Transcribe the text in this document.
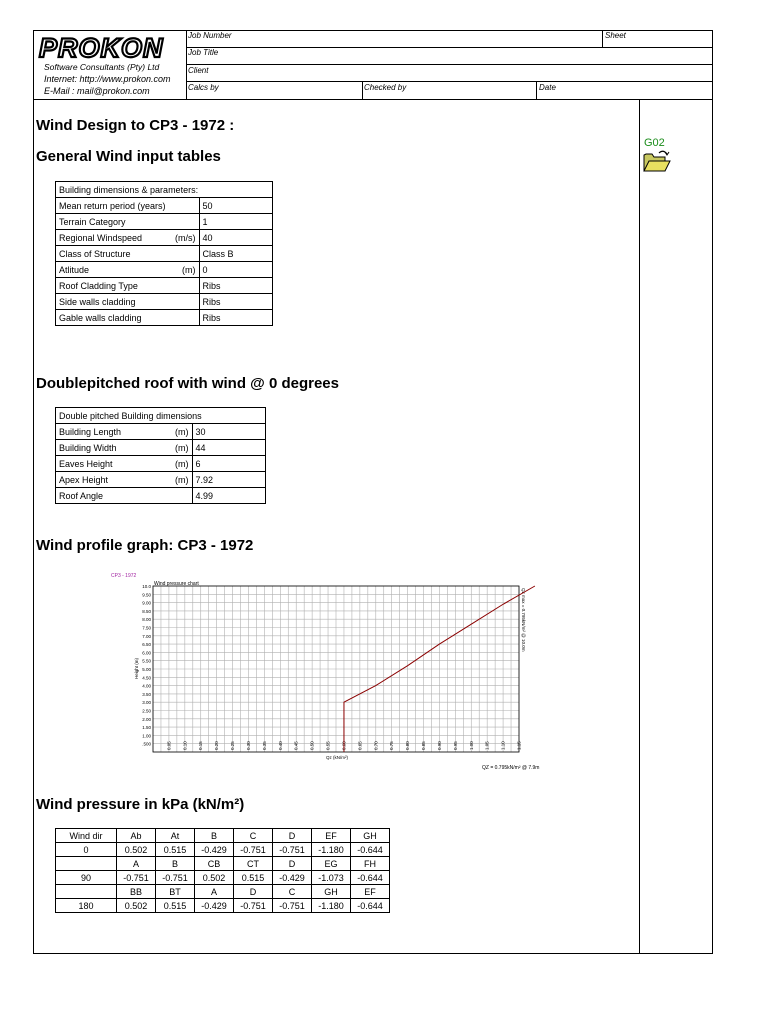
Job Number	Sheet
Job Title
Client
Calcs by	Checked by	Date
PROKON
Software Consultants (Pty) Ltd
Internet: http://www.prokon.com
E-Mail : mail@prokon.com
G02
Wind Design to CP3 - 1972 :
General Wind input tables
Doublepitched roof with wind @ 0 degrees
Wind profile graph: CP3 - 1972
Wind pressure in kPa (kN/m²)
Building dimensions & parameters:		
Mean return period (years)		50
Terrain Category		1
Regional Windspeed	(m/s)	40
Class of Structure		Class B
Atlitude	(m)	0
Roof Cladding Type		Ribs
Side walls cladding		Ribs
Gable walls cladding		Ribs
Double pitched Building dimensions		
Building Length	(m)	30
Building Width	(m)	44
Eaves Height	(m)	6
Apex Height	(m)	7.92
Roof Angle		4.99
CP3 - 1972
Wind pressure chart
10.0
9.50
9.00
8.50
8.00
7.50
7.00
6.50
6.00
5.50
5.00
4.50
4.00
3.50
3.00
2.50
2.00
1.50
1.00
.500	0.05 0.10 0.15 0.20 0.25 0.30 0.35 0.40 0.45 0.50 0.55 0.60 0.65 0.70 0.75 0.80 0.85 0.90 0.95 1.00 1.05 1.10 1.15
Height (m)
Qz (kN/m²)
Qz max = 0.795kN/m² @ 10.0m
QZ = 0.795kN/m² @ 7.9m
Wind dir	Ab	At	B	C	D	EF	GH
0	0.502	0.515	-0.429	-0.751	-0.751	-1.180	-0.644
	A	B	CB	CT	D	EG	FH
90	-0.751	-0.751	0.502	0.515	-0.429	-1.073	-0.644
	BB	BT	A	D	C	GH	EF
180	0.502	0.515	-0.429	-0.751	-0.751	-1.180	-0.644
